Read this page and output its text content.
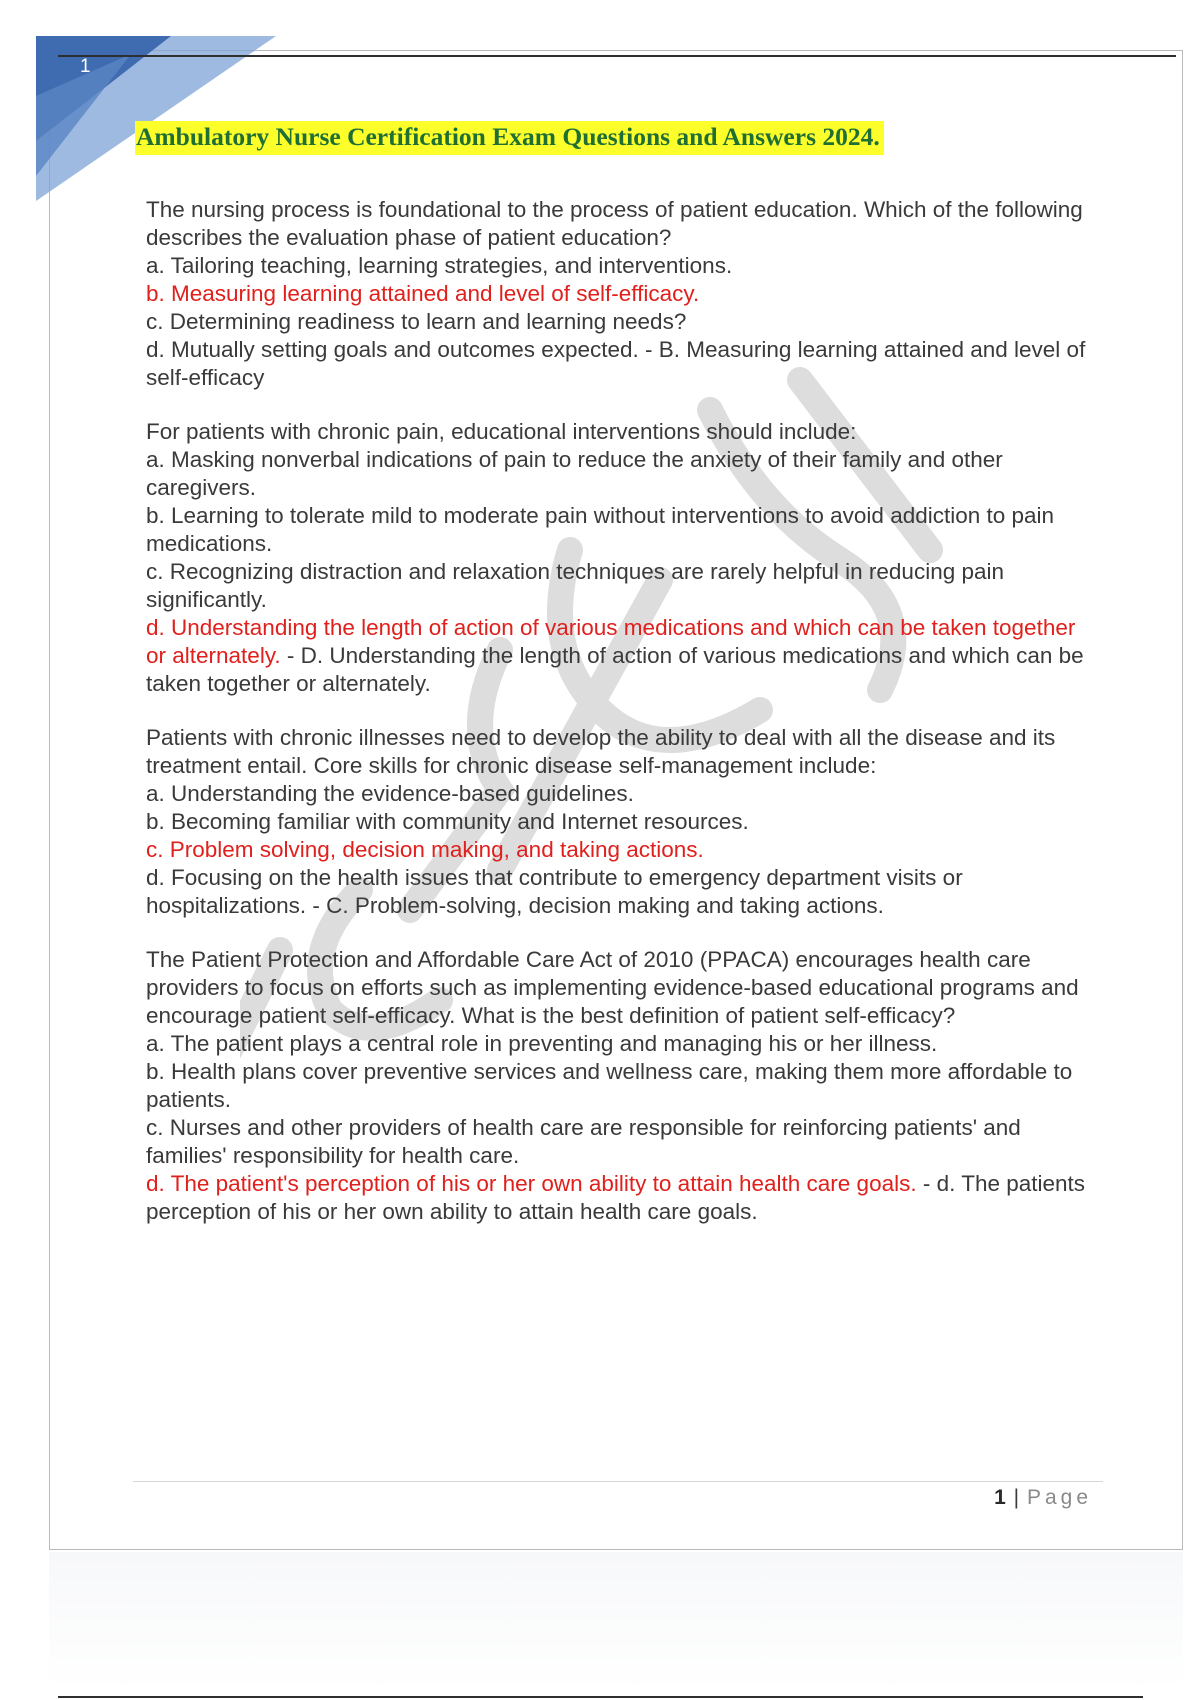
1
Ambulatory Nurse Certification Exam Questions and Answers 2024.

The nursing process is foundational to the process of patient education. Which of the following describes the evaluation phase of patient education?

a. Tailoring teaching, learning strategies, and interventions.

b. Measuring learning attained and level of self-efficacy.

c. Determining readiness to learn and learning needs?

d. Mutually setting goals and outcomes expected. - B. Measuring learning attained and level of self-efficacy

For patients with chronic pain, educational interventions should include:

a. Masking nonverbal indications of pain to reduce the anxiety of their family and other caregivers.

b. Learning to tolerate mild to moderate pain without interventions to avoid addiction to pain medications.

c. Recognizing distraction and relaxation techniques are rarely helpful in reducing pain significantly.

d. Understanding the length of action of various medications and which can be taken together or alternately. - D. Understanding the length of action of various medications and which can be taken together or alternately.

Patients with chronic illnesses need to develop the ability to deal with all the disease and its treatment entail. Core skills for chronic disease self-management include:

a. Understanding the evidence-based guidelines.

b. Becoming familiar with community and Internet resources.

c. Problem solving, decision making, and taking actions.

d. Focusing on the health issues that contribute to emergency department visits or hospitalizations. - C. Problem-solving, decision making and taking actions.

The Patient Protection and Affordable Care Act of 2010 (PPACA) encourages health care providers to focus on efforts such as implementing evidence-based educational programs and encourage patient self-efficacy. What is the best definition of patient self-efficacy?

a. The patient plays a central role in preventing and managing his or her illness.

b. Health plans cover preventive services and wellness care, making them more affordable to patients.

c. Nurses and other providers of health care are responsible for reinforcing patients' and families' responsibility for health care.

d. The patient's perception of his or her own ability to attain health care goals. - d. The patients perception of his or her own ability to attain health care goals.

1 | Page
